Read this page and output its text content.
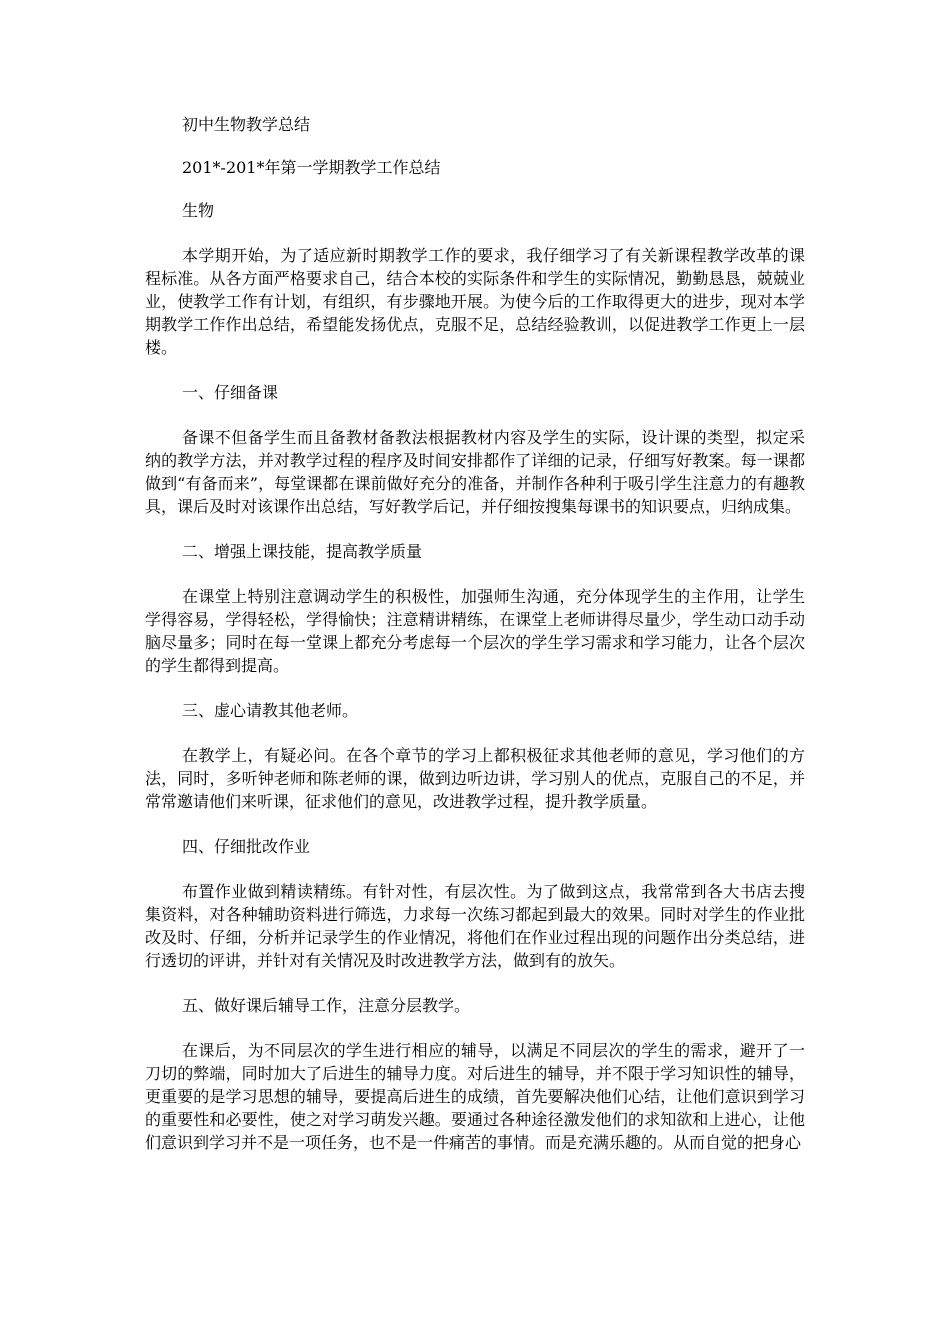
初中生物教学总结

201*-201*年第一学期教学工作总结

生物

本学期开始，为了适应新时期教学工作的要求，我仔细学习了有关新课程教学改革的课程标准。从各方面严格要求自己，结合本校的实际条件和学生的实际情况，勤勤恳恳，兢兢业业，使教学工作有计划，有组织，有步骤地开展。为使今后的工作取得更大的进步，现对本学期教学工作作出总结，希望能发扬优点，克服不足，总结经验教训，以促进教学工作更上一层楼。

一、仔细备课

备课不但备学生而且备教材备教法根据教材内容及学生的实际，设计课的类型，拟定采纳的教学方法，并对教学过程的程序及时间安排都作了详细的记录，仔细写好教案。每一课都做到“有备而来”，每堂课都在课前做好充分的准备，并制作各种利于吸引学生注意力的有趣教具，课后及时对该课作出总结，写好教学后记，并仔细按搜集每课书的知识要点，归纳成集。

二、增强上课技能，提高教学质量

在课堂上特别注意调动学生的积极性，加强师生沟通，充分体现学生的主作用，让学生学得容易，学得轻松，学得愉快；注意精讲精练，在课堂上老师讲得尽量少，学生动口动手动脑尽量多；同时在每一堂课上都充分考虑每一个层次的学生学习需求和学习能力，让各个层次的学生都得到提高。

三、虚心请教其他老师。

在教学上，有疑必问。在各个章节的学习上都积极征求其他老师的意见，学习他们的方法，同时，多听钟老师和陈老师的课，做到边听边讲，学习别人的优点，克服自己的不足，并常常邀请他们来听课，征求他们的意见，改进教学过程，提升教学质量。

四、仔细批改作业

布置作业做到精读精练。有针对性，有层次性。为了做到这点，我常常到各大书店去搜集资料，对各种辅助资料进行筛选，力求每一次练习都起到最大的效果。同时对学生的作业批改及时、仔细，分析并记录学生的作业情况，将他们在作业过程出现的问题作出分类总结，进行透切的评讲，并针对有关情况及时改进教学方法，做到有的放矢。

五、做好课后辅导工作，注意分层教学。

在课后，为不同层次的学生进行相应的辅导，以满足不同层次的学生的需求，避开了一刀切的弊端，同时加大了后进生的辅导力度。对后进生的辅导，并不限于学习知识性的辅导，更重要的是学习思想的辅导，要提高后进生的成绩，首先要解决他们心结，让他们意识到学习的重要性和必要性，使之对学习萌发兴趣。要通过各种途径激发他们的求知欲和上进心，让他们意识到学习并不是一项任务，也不是一件痛苦的事情。而是充满乐趣的。从而自觉的把身心
